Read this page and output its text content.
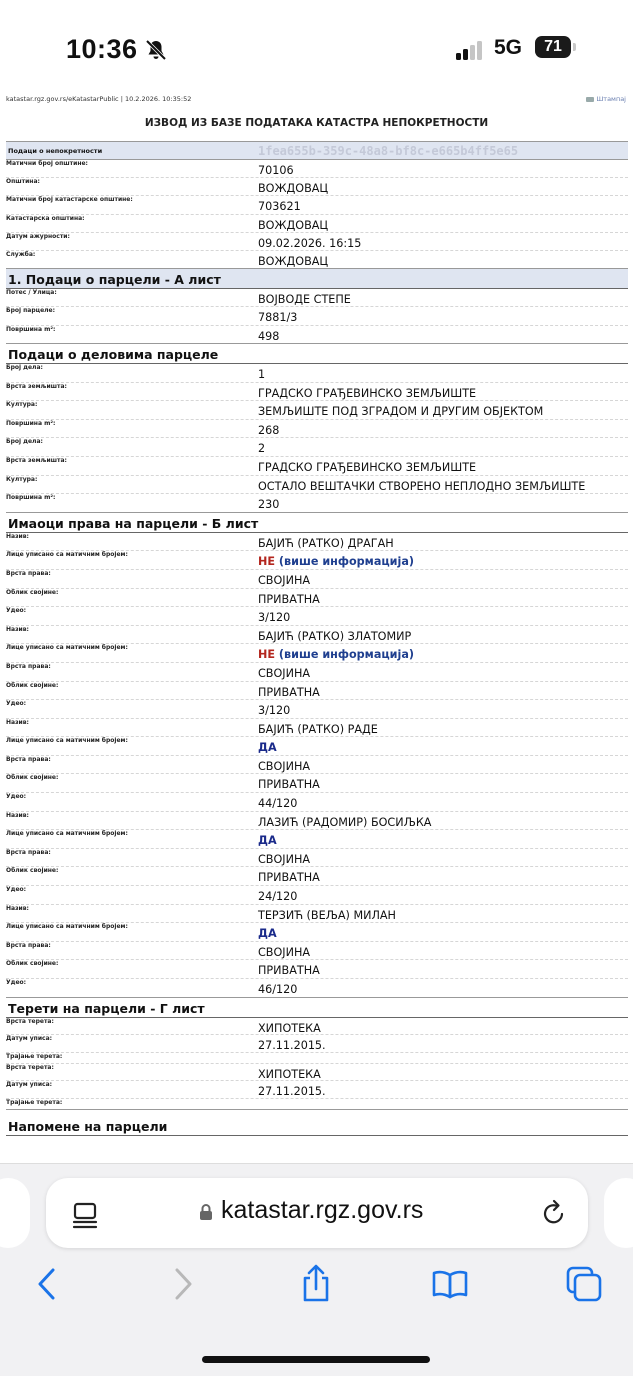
10:36	5G	71
katastar.rgz.gov.rs/eKatastarPublic | 10.2.2026. 10:35:52	Штампај
ИЗВОД ИЗ БАЗЕ ПОДАТАКА КАТАСТРА НЕПОКРЕТНОСТИ
Подаци о непокретности	1fea655b-359c-48a8-bf8c-e665b4ff5e65
Матични број општине:
70106
Општина:
ВОЖДОВАЦ
Матични број катастарске општине:
703621
Катастарска општина:
ВОЖДОВАЦ
Датум ажурности:
09.02.2026. 16:15
Служба:
ВОЖДОВАЦ
1. Подаци о парцели - А лист
Потес / Улица:
ВОЈВОДЕ СТЕПЕ
Број парцеле:
7881/3
Површина m²:
498
Подаци о деловима парцеле
Број дела:
1
Врста земљишта:
ГРАДСКО ГРАЂЕВИНСКО ЗЕМЉИШТЕ
Култура:
ЗЕМЉИШТЕ ПОД ЗГРАДОМ И ДРУГИМ ОБЈЕКТОМ
Површина m²:
268
Број дела:
2
Врста земљишта:
ГРАДСКО ГРАЂЕВИНСКО ЗЕМЉИШТЕ
Култура:
ОСТАЛО ВЕШТАЧКИ СТВОРЕНО НЕПЛОДНО ЗЕМЉИШТЕ
Површина m²:
230
Имаоци права на парцели - Б лист
Назив:
БАЈИЋ (РАТКО) ДРАГАН
Лице уписано са матичним бројем:
НЕ (више информација)
Врста права:
СВОЈИНА
Облик својине:
ПРИВАТНА
Удео:
3/120
Назив:
БАЈИЋ (РАТКО) ЗЛАТОМИР
Лице уписано са матичним бројем:
НЕ (више информација)
Врста права:
СВОЈИНА
Облик својине:
ПРИВАТНА
Удео:
3/120
Назив:
БАЈИЋ (РАТКО) РАДЕ
Лице уписано са матичним бројем:
ДА
Врста права:
СВОЈИНА
Облик својине:
ПРИВАТНА
Удео:
44/120
Назив:
ЛАЗИЋ (РАДОМИР) БОСИЉКА
Лице уписано са матичним бројем:
ДА
Врста права:
СВОЈИНА
Облик својине:
ПРИВАТНА
Удео:
24/120
Назив:
ТЕРЗИЋ (ВЕЉА) МИЛАН
Лице уписано са матичним бројем:
ДА
Врста права:
СВОЈИНА
Облик својине:
ПРИВАТНА
Удео:
46/120
Терети на парцели - Г лист
Врста терета:
ХИПОТЕКА
Датум уписа:
27.11.2015.
Трајање терета:
Врста терета:
ХИПОТЕКА
Датум уписа:
27.11.2015.
Трајање терета:
Напомене на парцели
katastar.rgz.gov.rs
